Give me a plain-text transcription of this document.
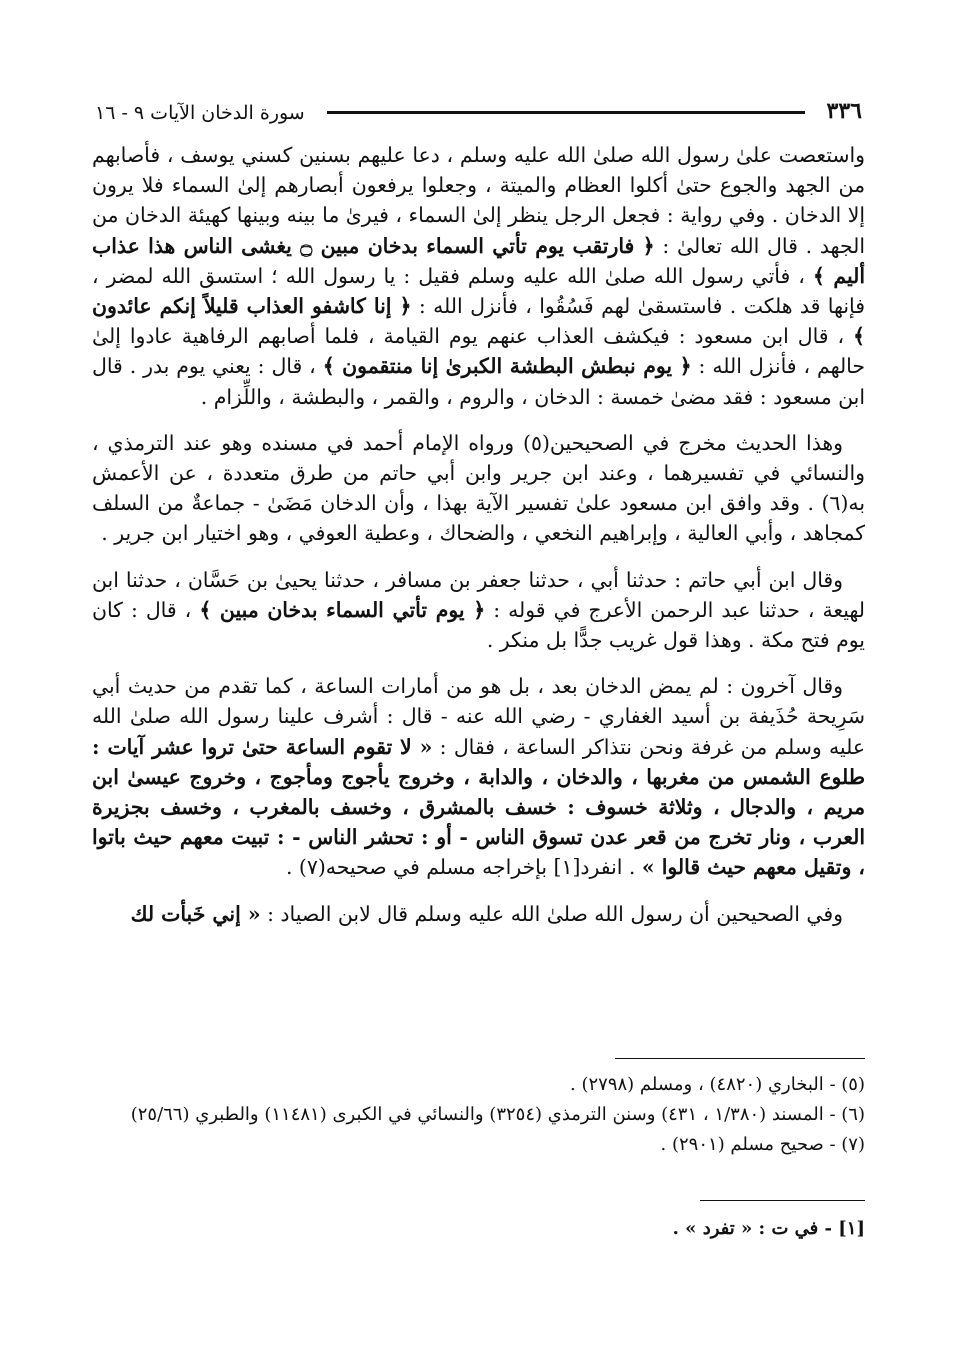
٣٣٦
سورة الدخان الآيات ٩ - ١٦

واستعصت علىٰ رسول الله صلىٰ الله عليه وسلم ، دعا عليهم بسنين كسني يوسف ، فأصابهم من الجهد والجوع حتىٰ أكلوا العظام والميتة ، وجعلوا يرفعون أبصارهم إلىٰ السماء فلا يرون إلا الدخان . وفي رواية : فجعل الرجل ينظر إلىٰ السماء ، فيرىٰ ما بينه وبينها كهيئة الدخان من الجهد . قال الله تعالىٰ : ﴿ فارتقب يوم تأتي السماء بدخان مبين ۝ يغشى الناس هذا عذاب أليم ﴾ ، فأتي رسول الله صلىٰ الله عليه وسلم فقيل : يا رسول الله ؛ استسق الله لمضر ، فإنها قد هلكت . فاستسقىٰ لهم فَسُقُوا ، فأنزل الله : ﴿ إنا كاشفو العذاب قليلاً إنكم عائدون ﴾ ، قال ابن مسعود : فيكشف العذاب عنهم يوم القيامة ، فلما أصابهم الرفاهية عادوا إلىٰ حالهم ، فأنزل الله : ﴿ يوم نبطش البطشة الكبرىٰ إنا منتقمون ﴾ ، قال : يعني يوم بدر . قال ابن مسعود : فقد مضىٰ خمسة : الدخان ، والروم ، والقمر ، والبطشة ، واللِّزام .

وهذا الحديث مخرج في الصحيحين(٥) ورواه الإمام أحمد في مسنده وهو عند الترمذي ، والنسائي في تفسيرهما ، وعند ابن جرير وابن أبي حاتم من طرق متعددة ، عن الأعمش به(٦) . وقد وافق ابن مسعود علىٰ تفسير الآية بهذا ، وأن الدخان مَضَىٰ - جماعةٌ من السلف كمجاهد ، وأبي العالية ، وإبراهيم النخعي ، والضحاك ، وعطية العوفي ، وهو اختيار ابن جرير .

وقال ابن أبي حاتم : حدثنا أبي ، حدثنا جعفر بن مسافر ، حدثنا يحيىٰ بن حَسَّان ، حدثنا ابن لهيعة ، حدثنا عبد الرحمن الأعرج في قوله : ﴿ يوم تأتي السماء بدخان مبين ﴾ ، قال : كان يوم فتح مكة . وهذا قول غريب جدًّا بل منكر .

وقال آخرون : لم يمض الدخان بعد ، بل هو من أمارات الساعة ، كما تقدم من حديث أبي سَرِيحة حُذَيفة بن أسيد الغفاري - رضي الله عنه - قال : أشرف علينا رسول الله صلىٰ الله عليه وسلم من غرفة ونحن نتذاكر الساعة ، فقال : « لا تقوم الساعة حتىٰ تروا عشر آيات : طلوع الشمس من مغربها ، والدخان ، والدابة ، وخروج يأجوج ومأجوج ، وخروج عيسىٰ ابن مريم ، والدجال ، وثلاثة خسوف : خسف بالمشرق ، وخسف بالمغرب ، وخسف بجزيرة العرب ، ونار تخرج من قعر عدن تسوق الناس - أو : تحشر الناس - : تبيت معهم حيث باتوا ، وتقيل معهم حيث قالوا » . انفرد[١] بإخراجه مسلم في صحيحه(٧) .

وفي الصحيحين أن رسول الله صلىٰ الله عليه وسلم قال لابن الصياد : « إني خَبأت لك

(٥) - البخاري (٤٨٢٠) ، ومسلم (٢٧٩٨) .
(٦) - المسند (١/٣٨٠ ، ٤٣١) وسنن الترمذي (٣٢٥٤) والنسائي في الكبرى (١١٤٨١) والطبري (٢٥/٦٦)
(٧) - صحيح مسلم (٢٩٠١) .
[١] - في ت : « تفرد » .
